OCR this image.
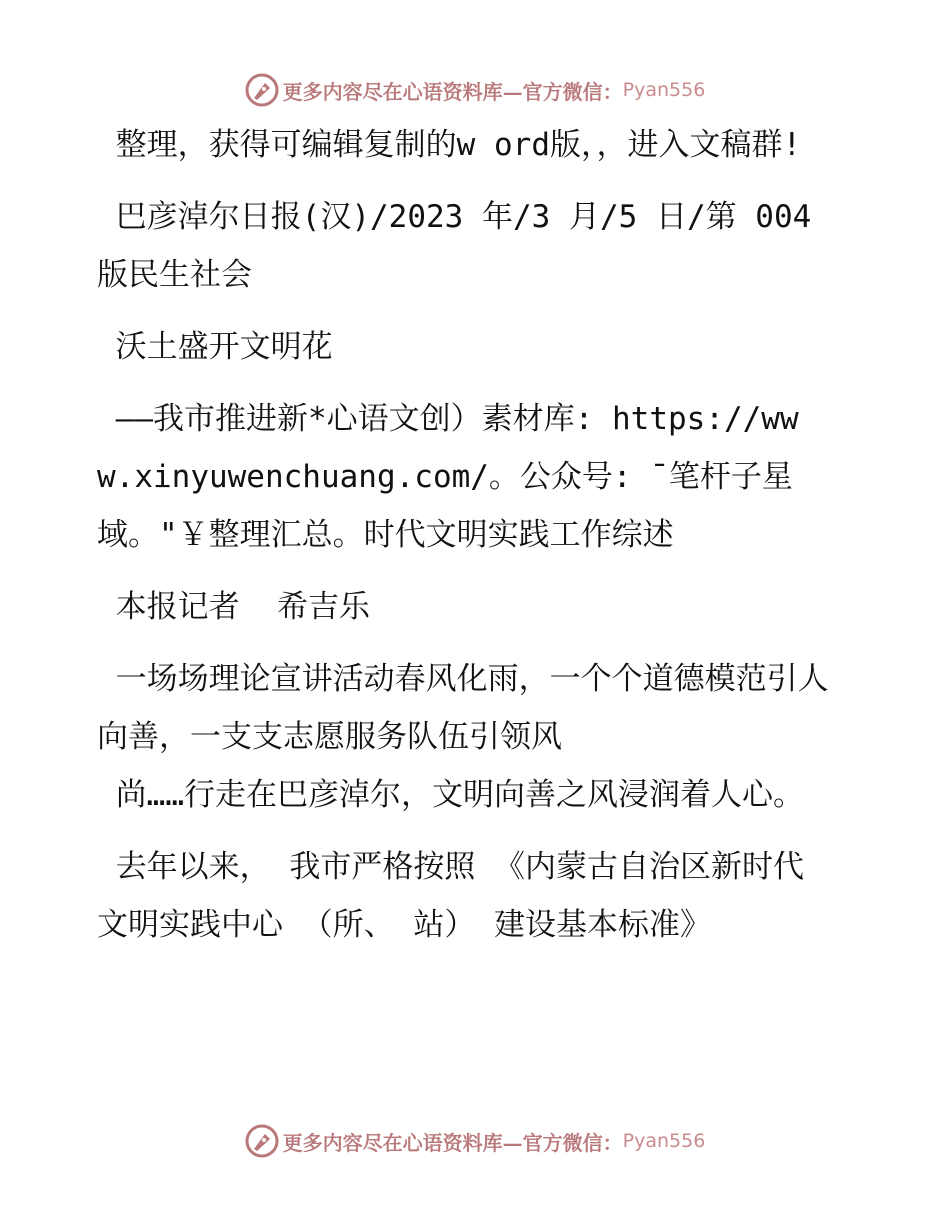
更多内容尽在心语资料库—官方微信： Pyan556

整理，获得可编辑复制的w ord版，，进入文稿群!

巴彦淖尔日报(汉)/2023 年/3 月/5 日/第 004 版民生社会

沃土盛开文明花

——我市推进新*心语文创）素材库: https://www.xinyuwenchuang.com/。公众号: ¯笔杆子星域。"￥整理汇总。时代文明实践工作综述

本报记者  希吉乐

一场场理论宣讲活动春风化雨，一个个道德模范引人向善，一支支志愿服务队伍引领风

尚……行走在巴彦淖尔，文明向善之风浸润着人心。

去年以来， 我市严格按照 《内蒙古自治区新时代文明实践中心 （所、 站） 建设基本标准》

更多内容尽在心语资料库—官方微信： Pyan556
